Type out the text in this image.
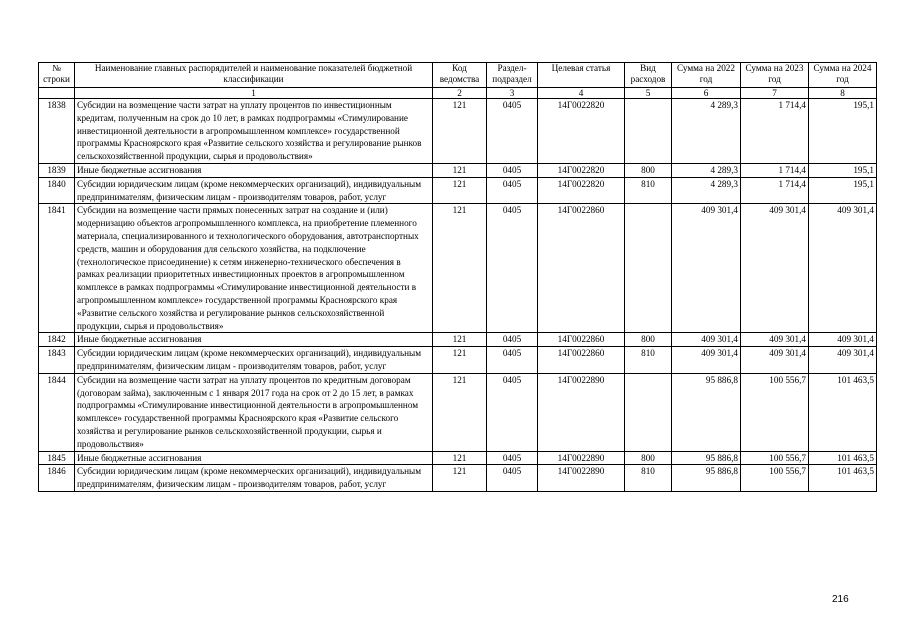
№ строки	Наименование главных распорядителей и наименование показателей бюджетной классификации	Код ведомства	Раздел-подраздел	Целевая статья	Вид расходов	Сумма на 2022 год	Сумма на 2023 год	Сумма на 2024 год
	1	2	3	4	5	6	7	8
1838	Субсидии на возмещение части затрат на уплату процентов по инвестиционным кредитам, полученным на срок до 10 лет, в рамках подпрограммы «Стимулирование инвестиционной деятельности в агропромышленном комплексе» государственной программы Красноярского края «Развитие сельского хозяйства и регулирование рынков сельскохозяйственной продукции, сырья и продовольствия»	121	0405	14Г0022820		4 289,3	1 714,4	195,1
1839	Иные бюджетные ассигнования	121	0405	14Г0022820	800	4 289,3	1 714,4	195,1
1840	Субсидии юридическим лицам (кроме некоммерческих организаций), индивидуальным предпринимателям, физическим лицам - производителям товаров, работ, услуг	121	0405	14Г0022820	810	4 289,3	1 714,4	195,1
1841	Субсидии на возмещение части прямых понесенных затрат на создание и (или) модернизацию объектов агропромышленного комплекса, на приобретение племенного материала, специализированного и технологического оборудования, автотранспортных средств, машин и оборудования для сельского хозяйства, на подключение (технологическое присоединение) к сетям инженерно-технического обеспечения в рамках реализации приоритетных инвестиционных проектов в агропромышленном комплексе в рамках подпрограммы «Стимулирование инвестиционной деятельности в агропромышленном комплексе» государственной программы Красноярского края «Развитие сельского хозяйства и регулирование рынков сельскохозяйственной продукции, сырья и продовольствия»	121	0405	14Г0022860		409 301,4	409 301,4	409 301,4
1842	Иные бюджетные ассигнования	121	0405	14Г0022860	800	409 301,4	409 301,4	409 301,4
1843	Субсидии юридическим лицам (кроме некоммерческих организаций), индивидуальным предпринимателям, физическим лицам - производителям товаров, работ, услуг	121	0405	14Г0022860	810	409 301,4	409 301,4	409 301,4
1844	Субсидии на возмещение части затрат на уплату процентов по кредитным договорам (договорам займа), заключенным с 1 января 2017 года на срок от 2 до 15 лет, в рамках подпрограммы «Стимулирование инвестиционной деятельности в агропромышленном комплексе» государственной программы Красноярского края «Развитие сельского хозяйства и регулирование рынков сельскохозяйственной продукции, сырья и продовольствия»	121	0405	14Г0022890		95 886,8	100 556,7	101 463,5
1845	Иные бюджетные ассигнования	121	0405	14Г0022890	800	95 886,8	100 556,7	101 463,5
1846	Субсидии юридическим лицам (кроме некоммерческих организаций), индивидуальным предпринимателям, физическим лицам - производителям товаров, работ, услуг	121	0405	14Г0022890	810	95 886,8	100 556,7	101 463,5
216
